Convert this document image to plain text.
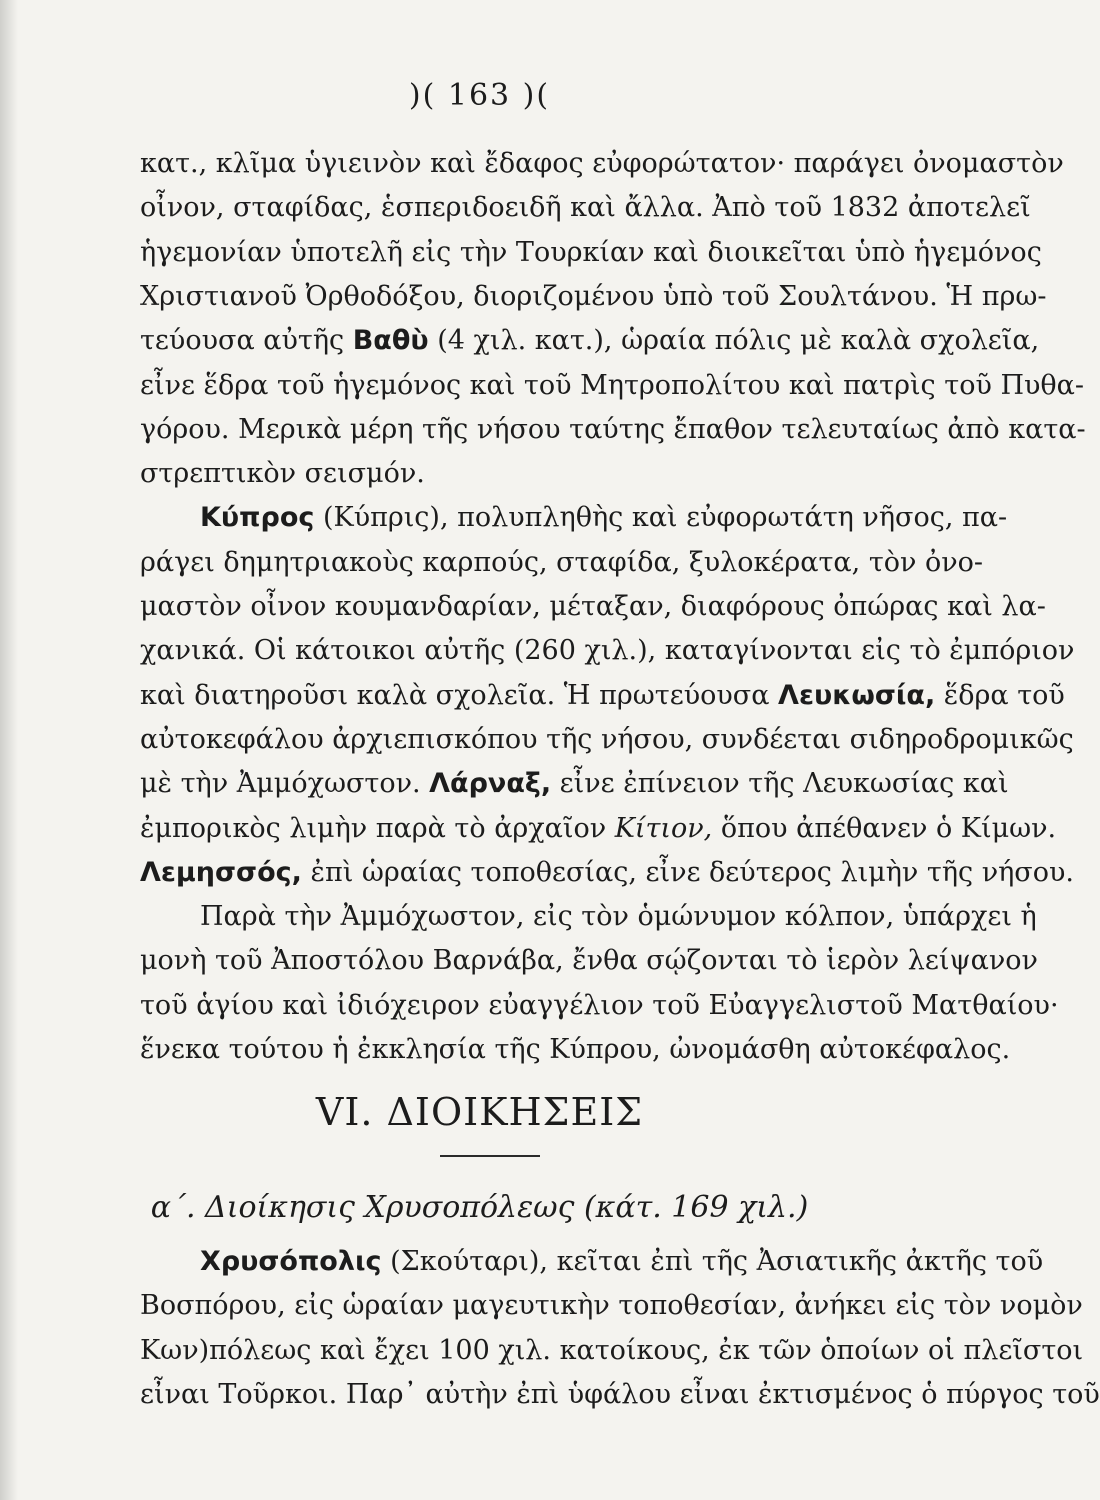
)( 163 )(
κατ., κλῖμα ὑγιεινὸν καὶ ἔδαφος εὐφορώτατον· παράγει ὀνομαστὸν
οἶνον, σταφίδας, ἑσπεριδοειδῆ καὶ ἄλλα. Ἀπὸ τοῦ 1832 ἀποτελεῖ
ἡγεμονίαν ὑποτελῆ εἰς τὴν Τουρκίαν καὶ διοικεῖται ὑπὸ ἡγεμόνος
Χριστιανοῦ Ὀρθοδόξου, διοριζομένου ὑπὸ τοῦ Σουλτάνου. Ἡ πρω-
τεύουσα αὐτῆς Βαθὺ (4 χιλ. κατ.), ὡραία πόλις μὲ καλὰ σχολεῖα,
εἶνε ἕδρα τοῦ ἡγεμόνος καὶ τοῦ Μητροπολίτου καὶ πατρὶς τοῦ Πυθα-
γόρου. Μερικὰ μέρη τῆς νήσου ταύτης ἔπαθον τελευταίως ἀπὸ κατα-
στρεπτικὸν σεισμόν.
Κύπρος (Κύπρις), πολυπληθὴς καὶ εὐφορωτάτη νῆσος, πα-
ράγει δημητριακοὺς καρπούς, σταφίδα, ξυλοκέρατα, τὸν ὀνο-
μαστὸν οἶνον κουμανδαρίαν, μέταξαν, διαφόρους ὀπώρας καὶ λα-
χανικά. Οἱ κάτοικοι αὐτῆς (260 χιλ.), καταγίνονται εἰς τὸ ἐμπόριον
καὶ διατηροῦσι καλὰ σχολεῖα. Ἡ πρωτεύουσα Λευκωσία, ἕδρα τοῦ
αὐτοκεφάλου ἀρχιεπισκόπου τῆς νήσου, συνδέεται σιδηροδρομικῶς
μὲ τὴν Ἀμμόχωστον. Λάρναξ, εἶνε ἐπίνειον τῆς Λευκωσίας καὶ
ἐμπορικὸς λιμὴν παρὰ τὸ ἀρχαῖον Κίτιον, ὅπου ἀπέθανεν ὁ Κίμων.
Λεμησσός, ἐπὶ ὡραίας τοποθεσίας, εἶνε δεύτερος λιμὴν τῆς νήσου.
Παρὰ τὴν Ἀμμόχωστον, εἰς τὸν ὁμώνυμον κόλπον, ὑπάρχει ἡ
μονὴ τοῦ Ἀποστόλου Βαρνάβα, ἔνθα σῴζονται τὸ ἱερὸν λείψανον
τοῦ ἁγίου καὶ ἰδιόχειρον εὐαγγέλιον τοῦ Εὐαγγελιστοῦ Ματθαίου·
ἕνεκα τούτου ἡ ἐκκλησία τῆς Κύπρου, ὠνομάσθη αὐτοκέφαλος.
VI. ΔΙΟΙΚΗΣΕΙΣ
α΄. Διοίκησις Χρυσοπόλεως (κάτ. 169 χιλ.)
Χρυσόπολις (Σκούταρι), κεῖται ἐπὶ τῆς Ἀσιατικῆς ἀκτῆς τοῦ
Βοσπόρου, εἰς ὡραίαν μαγευτικὴν τοποθεσίαν, ἀνήκει εἰς τὸν νομὸν
Κων)πόλεως καὶ ἔχει 100 χιλ. κατοίκους, ἐκ τῶν ὁποίων οἱ πλεῖστοι
εἶναι Τοῦρκοι. Παρ᾽ αὐτὴν ἐπὶ ὑφάλου εἶναι ἐκτισμένος ὁ πύργος τοῦ
